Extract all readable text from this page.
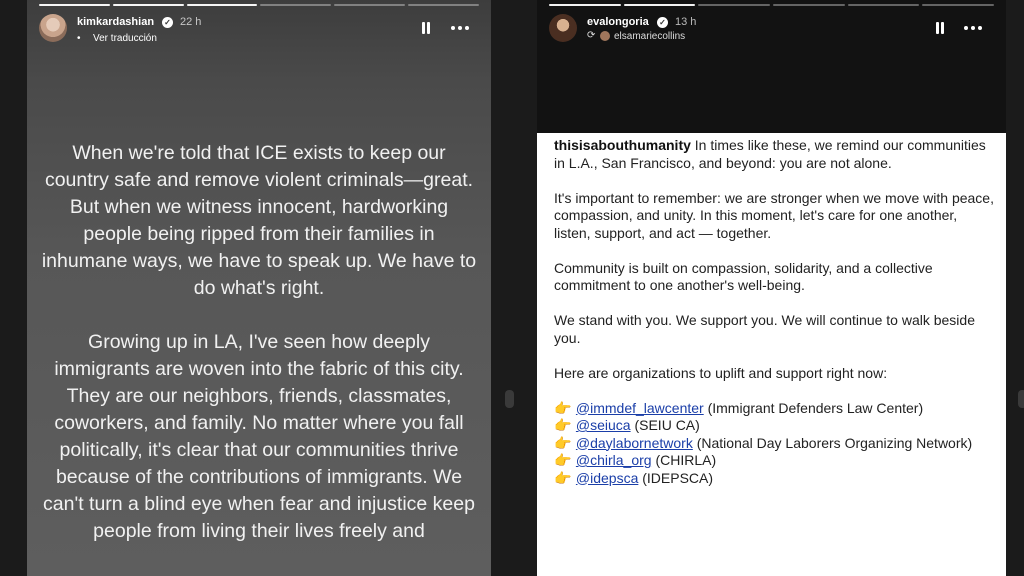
kimkardashian ✓ 22 h
• Ver traducción

When we're told that ICE exists to keep our country safe and remove violent criminals—great. But when we witness innocent, hardworking people being ripped from their families in inhumane ways, we have to speak up. We have to do what's right.

Growing up in LA, I've seen how deeply immigrants are woven into the fabric of this city. They are our neighbors, friends, classmates, coworkers, and family. No matter where you fall politically, it's clear that our communities thrive because of the contributions of immigrants. We can't turn a blind eye when fear and injustice keep people from living their lives freely and

evalongoria ✓ 13 h
⟳ elsamariecollins

thisisabouthumanity In times like these, we remind our communities in L.A., San Francisco, and beyond: you are not alone.

It's important to remember: we are stronger when we move with peace, compassion, and unity. In this moment, let's care for one another, listen, support, and act — together.

Community is built on compassion, solidarity, and a collective commitment to one another's well-being.

We stand with you. We support you. We will continue to walk beside you.

Here are organizations to uplift and support right now:

👉 @immdef_lawcenter (Immigrant Defenders Law Center)
👉 @seiuca (SEIU CA)
👉 @daylabornetwork (National Day Laborers Organizing Network)
👉 @chirla_org (CHIRLA)
👉 @idepsca (IDEPSCA)
